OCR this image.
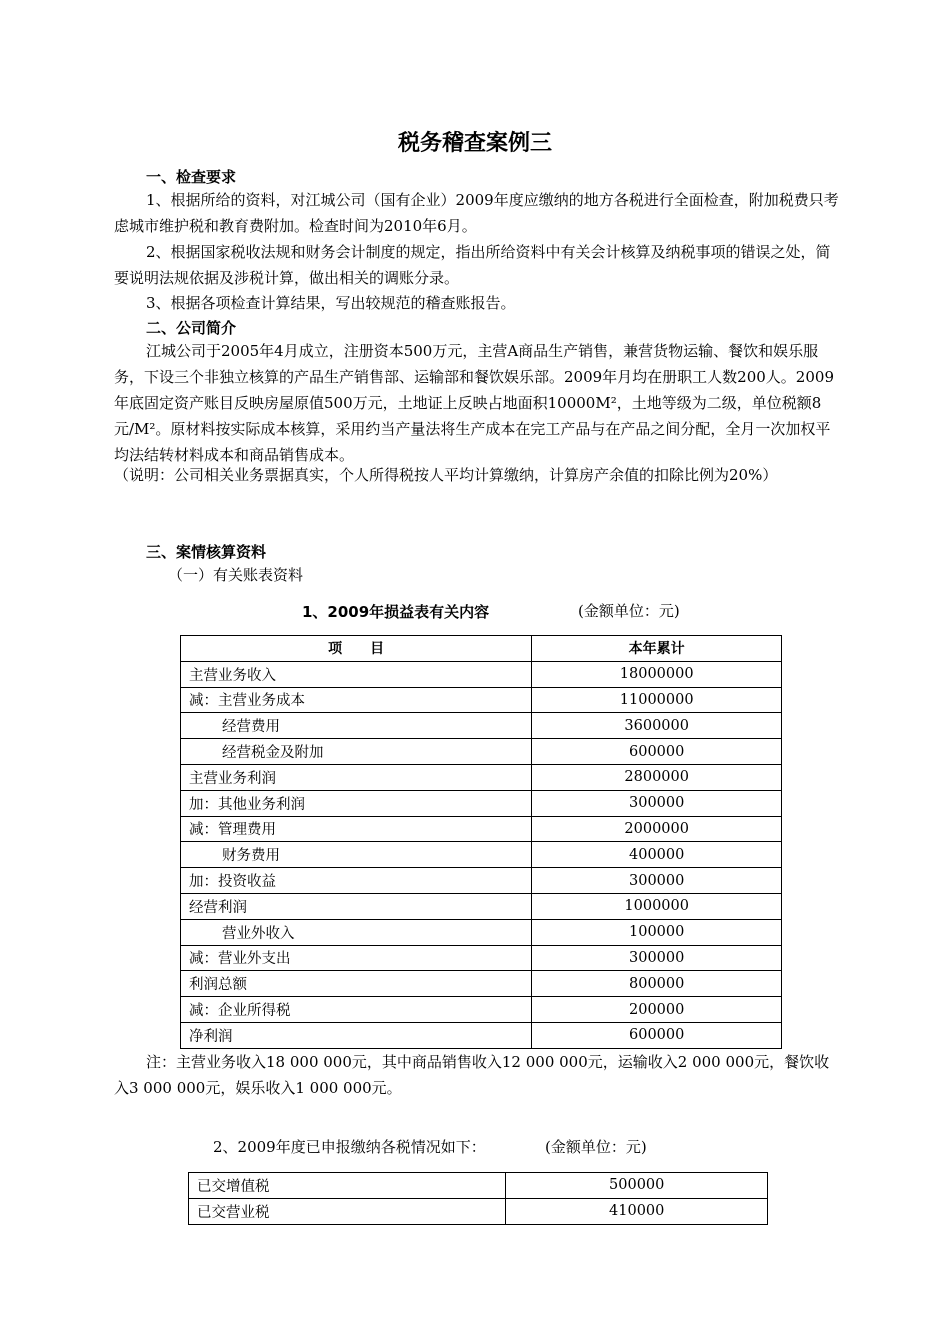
税务稽查案例三
一、检查要求
1、根据所给的资料，对江城公司（国有企业）2009年度应缴纳的地方各税进行全面检查，附加税费只考虑城市维护税和教育费附加。检查时间为2010年6月。
2、根据国家税收法规和财务会计制度的规定，指出所给资料中有关会计核算及纳税事项的错误之处，简要说明法规依据及涉税计算，做出相关的调账分录。
3、根据各项检查计算结果，写出较规范的稽查账报告。
二、公司简介
江城公司于2005年4月成立，注册资本500万元，主营A商品生产销售，兼营货物运输、餐饮和娱乐服务，下设三个非独立核算的产品生产销售部、运输部和餐饮娱乐部。2009年月均在册职工人数200人。2009年底固定资产账目反映房屋原值500万元，土地证上反映占地面积10000M²，土地等级为二级，单位税额8元/M²。原材料按实际成本核算，采用约当产量法将生产成本在完工产品与在产品之间分配，全月一次加权平均法结转材料成本和商品销售成本。
（说明：公司相关业务票据真实，个人所得税按人平均计算缴纳，计算房产余值的扣除比例为20%）
三、案情核算资料
（一）有关账表资料
1、2009年损益表有关内容	(金额单位：元)
项　　目	本年累计
主营业务收入	18000000
减：主营业务成本	11000000
经营费用	3600000
经营税金及附加	600000
主营业务利润	2800000
加：其他业务利润	300000
减：管理费用	2000000
财务费用	400000
加：投资收益	300000
经营利润	1000000
营业外收入	100000
减：营业外支出	300000
利润总额	800000
减：企业所得税	200000
净利润	600000
注：主营业务收入18 000 000元，其中商品销售收入12 000 000元，运输收入2 000 000元，餐饮收入3 000 000元，娱乐收入1 000 000元。
2、2009年度已申报缴纳各税情况如下：	(金额单位：元)
已交增值税	500000
已交营业税	410000
